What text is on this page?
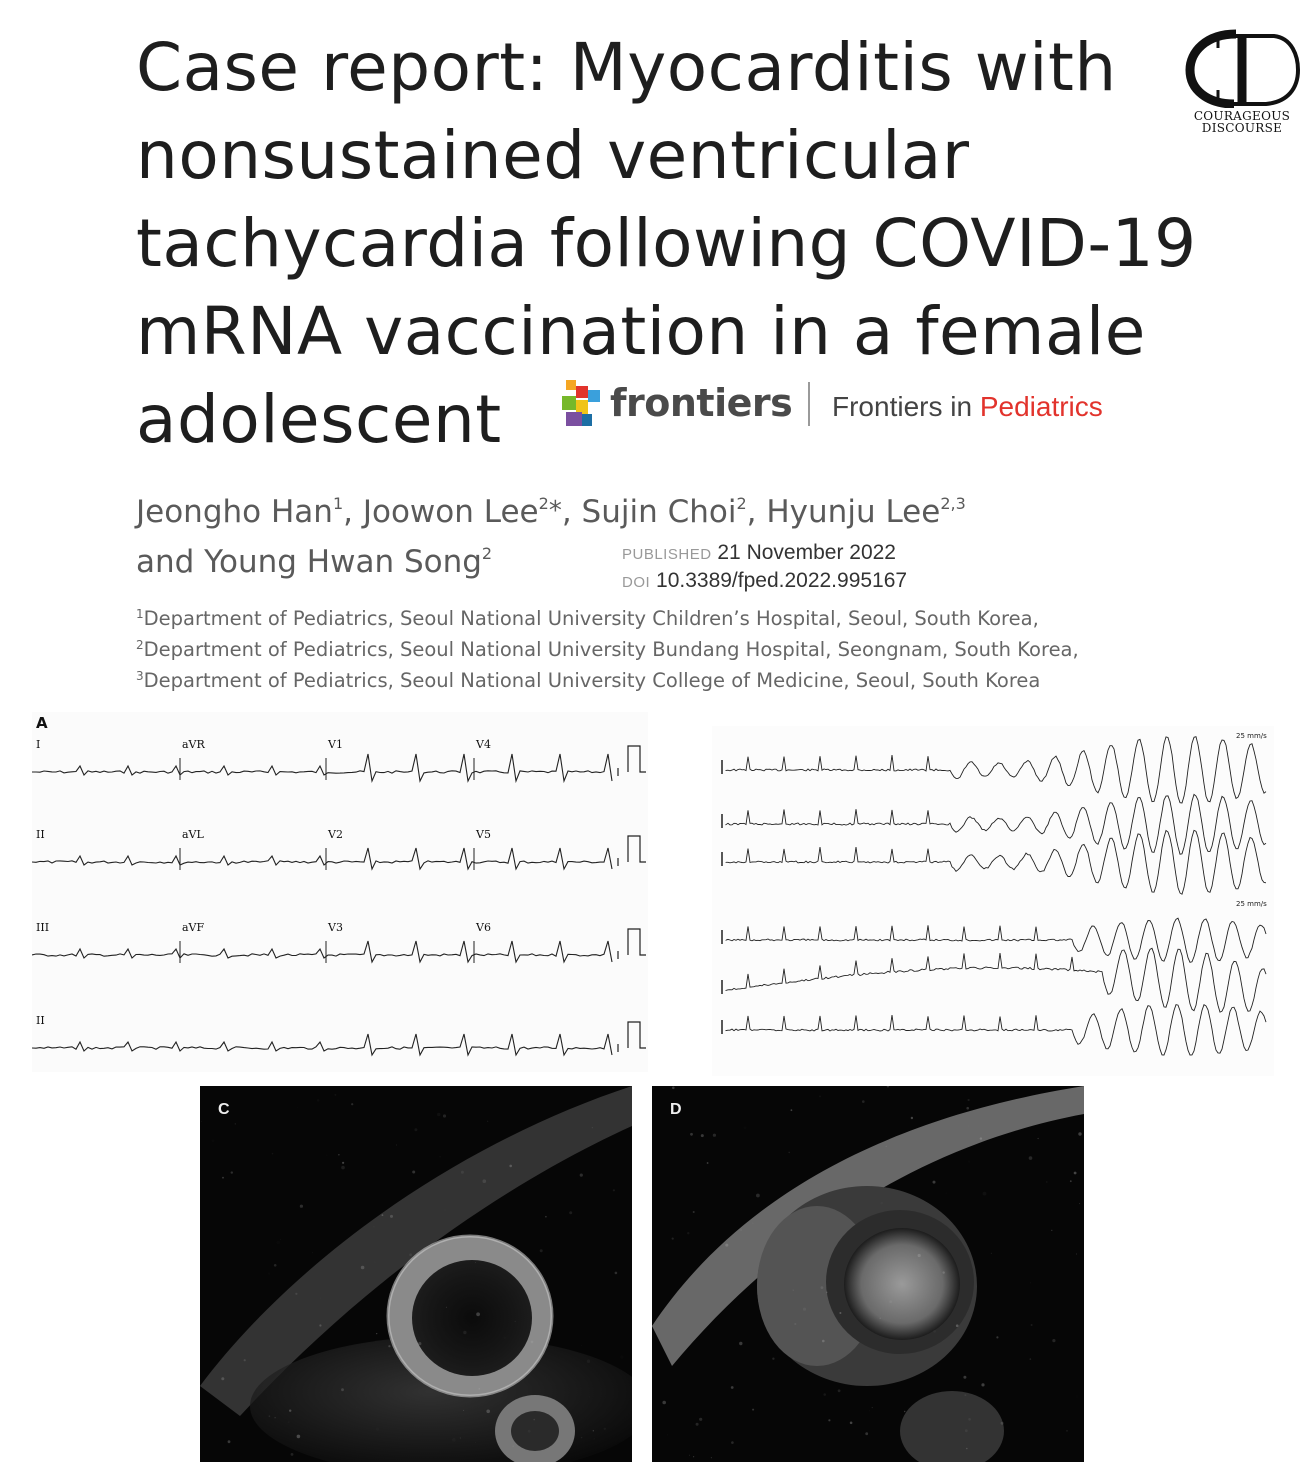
Case report: Myocarditis with
nonsustained ventricular
tachycardia following COVID-19
mRNA vaccination in a female
adolescent
COURAGEOUS
DISCOURSE
frontiers Frontiers in Pediatrics
Jeongho Han$^1$, Joowon Lee$^2$*, Sujin Choi$^2$, Hyunju Lee$^{2,3}$
and Young Hwan Song$^2$	PUBLISHED 21 November 2022
DOI 10.3389/fped.2022.995167
$^1$Department of Pediatrics, Seoul National University Children’s Hospital, Seoul, South Korea,
$^2$Department of Pediatrics, Seoul National University Bundang Hospital, Seongnam, South Korea,
$^3$Department of Pediatrics, Seoul National University College of Medicine, Seoul, South Korea
A
I	aVR	V1	V4
II	aVL	V2	V5
III	aVF	V3	V6
II
25 mm/s
25 mm/s
C	D
